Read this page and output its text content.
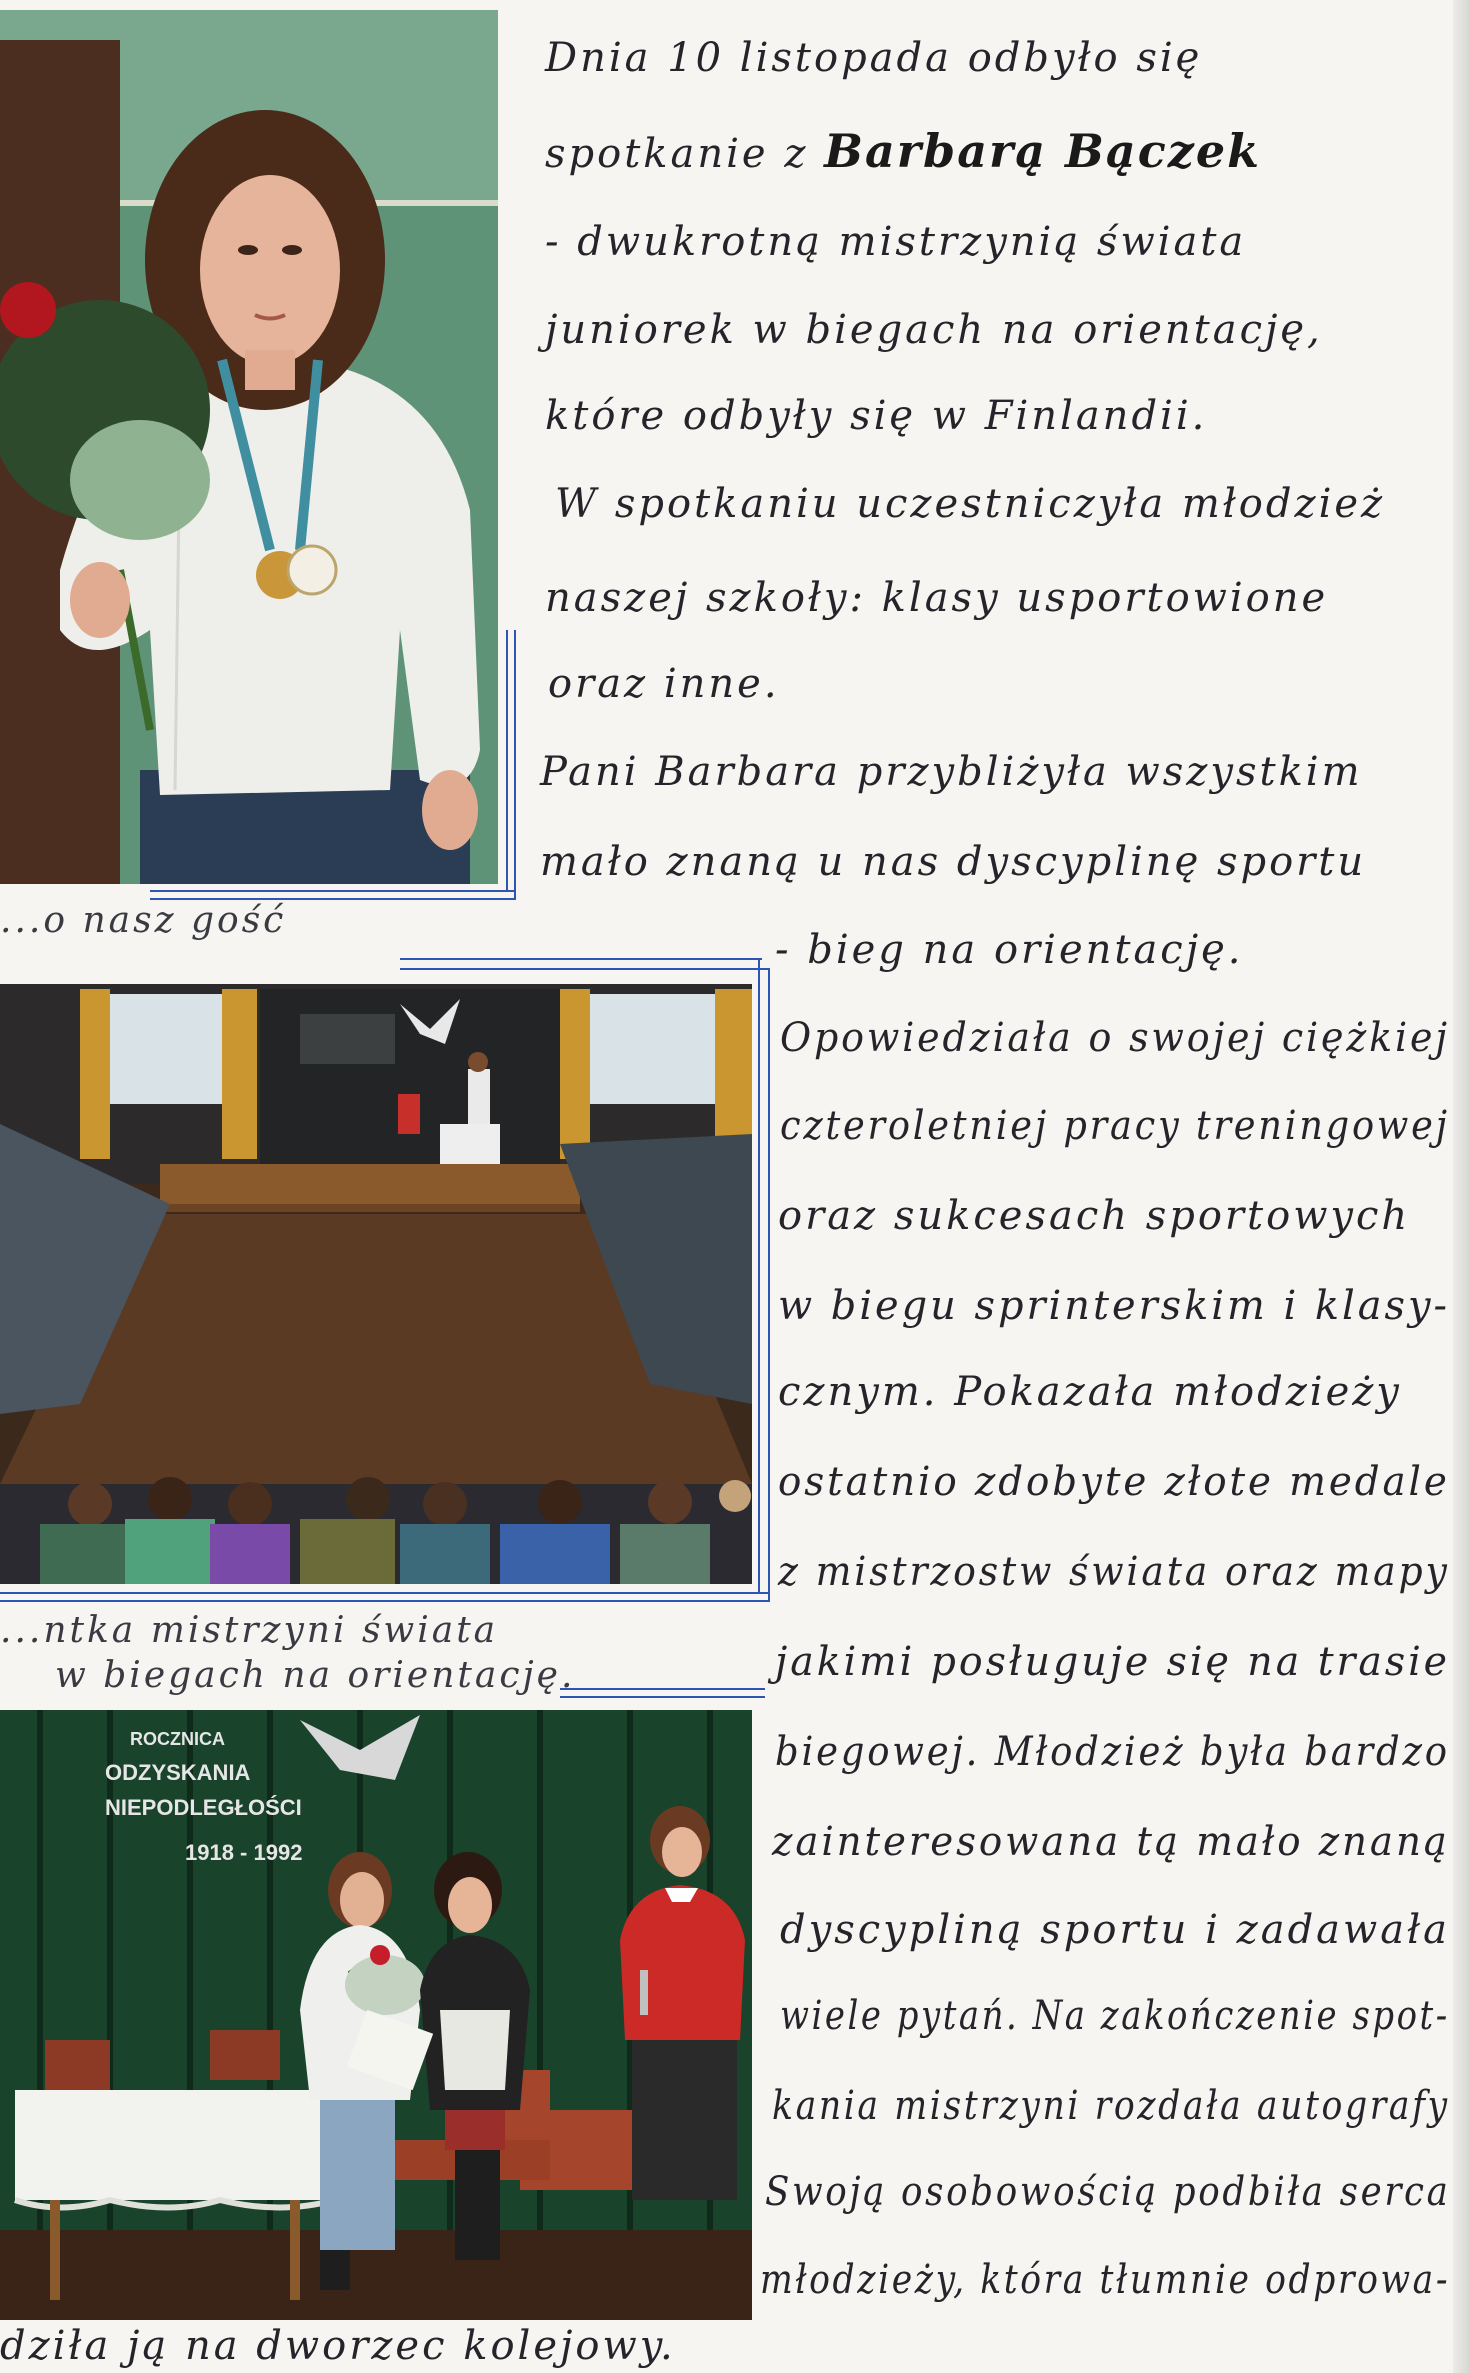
ROCZNICA
ODZYSKANIA
NIEPODLEGŁOŚCI
1918 - 1992
...o nasz gość
...ntka mistrzyni świata
w biegach na orientację.
Dnia 10 listopada odbyło się
spotkanie z Barbarą Bączek
- dwukrotną mistrzynią świata
juniorek w biegach na orientację,
które odbyły się w Finlandii.
W spotkaniu uczestniczyła młodzież
naszej szkoły: klasy usportowione
oraz inne.
Pani Barbara przybliżyła wszystkim
mało znaną u nas dyscyplinę sportu
- bieg na orientację.
Opowiedziała o swojej ciężkiej
czteroletniej pracy treningowej
oraz sukcesach sportowych
w biegu sprinterskim i klasy-
cznym. Pokazała młodzieży
ostatnio zdobyte złote medale
z mistrzostw świata oraz mapy
jakimi posługuje się na trasie
biegowej. Młodzież była bardzo
zainteresowana tą mało znaną
dyscypliną sportu i zadawała
wiele pytań. Na zakończenie spot-
kania mistrzyni rozdała autografy
Swoją osobowością podbiła serca
młodzieży, która tłumnie odprowa-
dziła ją na dworzec kolejowy.
